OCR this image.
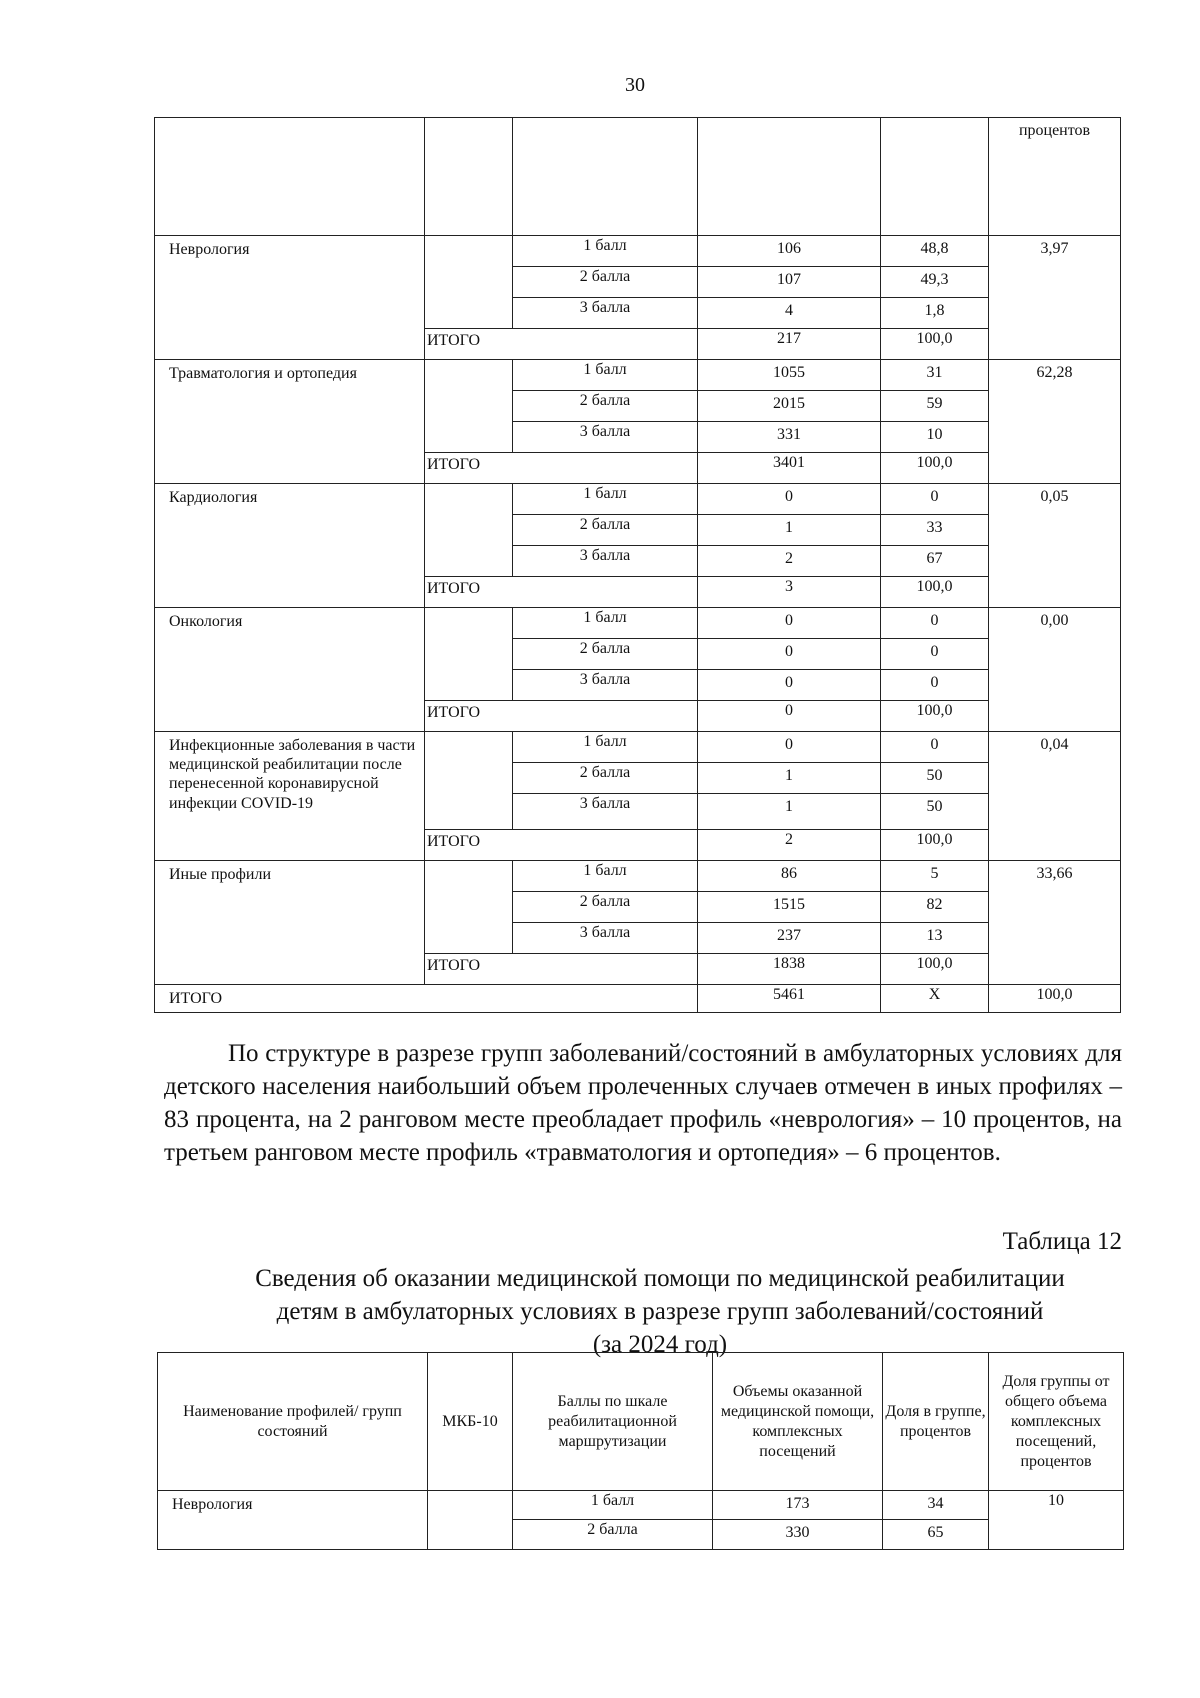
30
					процентов
Неврология		1 балл	106	48,8	3,97
		2 балла	107	49,3	
		3 балла	4	1,8	
	ИТОГО		217	100,0	
Травматология и ортопедия		1 балл	1055	31	62,28
		2 балла	2015	59	
		3 балла	331	10	
	ИТОГО		3401	100,0	
Кардиология		1 балл	0	0	0,05
		2 балла	1	33	
		3 балла	2	67	
	ИТОГО		3	100,0	
Онкология		1 балл	0	0	0,00
		2 балла	0	0	
		3 балла	0	0	
	ИТОГО		0	100,0	
Инфекционные заболевания в части медицинской реабилитации после перенесенной коронавирусной инфекции COVID-19		1 балл	0	0	0,04
		2 балла	1	50	
		3 балла	1	50	
	ИТОГО		2	100,0	
Иные профили		1 балл	86	5	33,66
		2 балла	1515	82	
		3 балла	237	13	
	ИТОГО		1838	100,0	
ИТОГО			5461	Х	100,0

По структуре в разрезе групп заболеваний/состояний в амбулаторных условиях для детского населения наибольший объем пролеченных случаев отмечен в иных профилях – 83 процента, на 2 ранговом месте преобладает профиль «неврология» – 10 процентов, на третьем ранговом месте профиль «травматология и ортопедия» – 6 процентов.

Таблица 12
Сведения об оказании медицинской помощи по медицинской реабилитации
детям в амбулаторных условиях в разрезе групп заболеваний/состояний
(за 2024 год)
Наименование профилей/ групп состояний	МКБ-10	Баллы по шкале реабилитационной маршрутизации	Объемы оказанной медицинской помощи, комплексных посещений	Доля в группе, процентов	Доля группы от общего объема комплексных посещений, процентов
Неврология		1 балл	173	34	10
		2 балла	330	65	
